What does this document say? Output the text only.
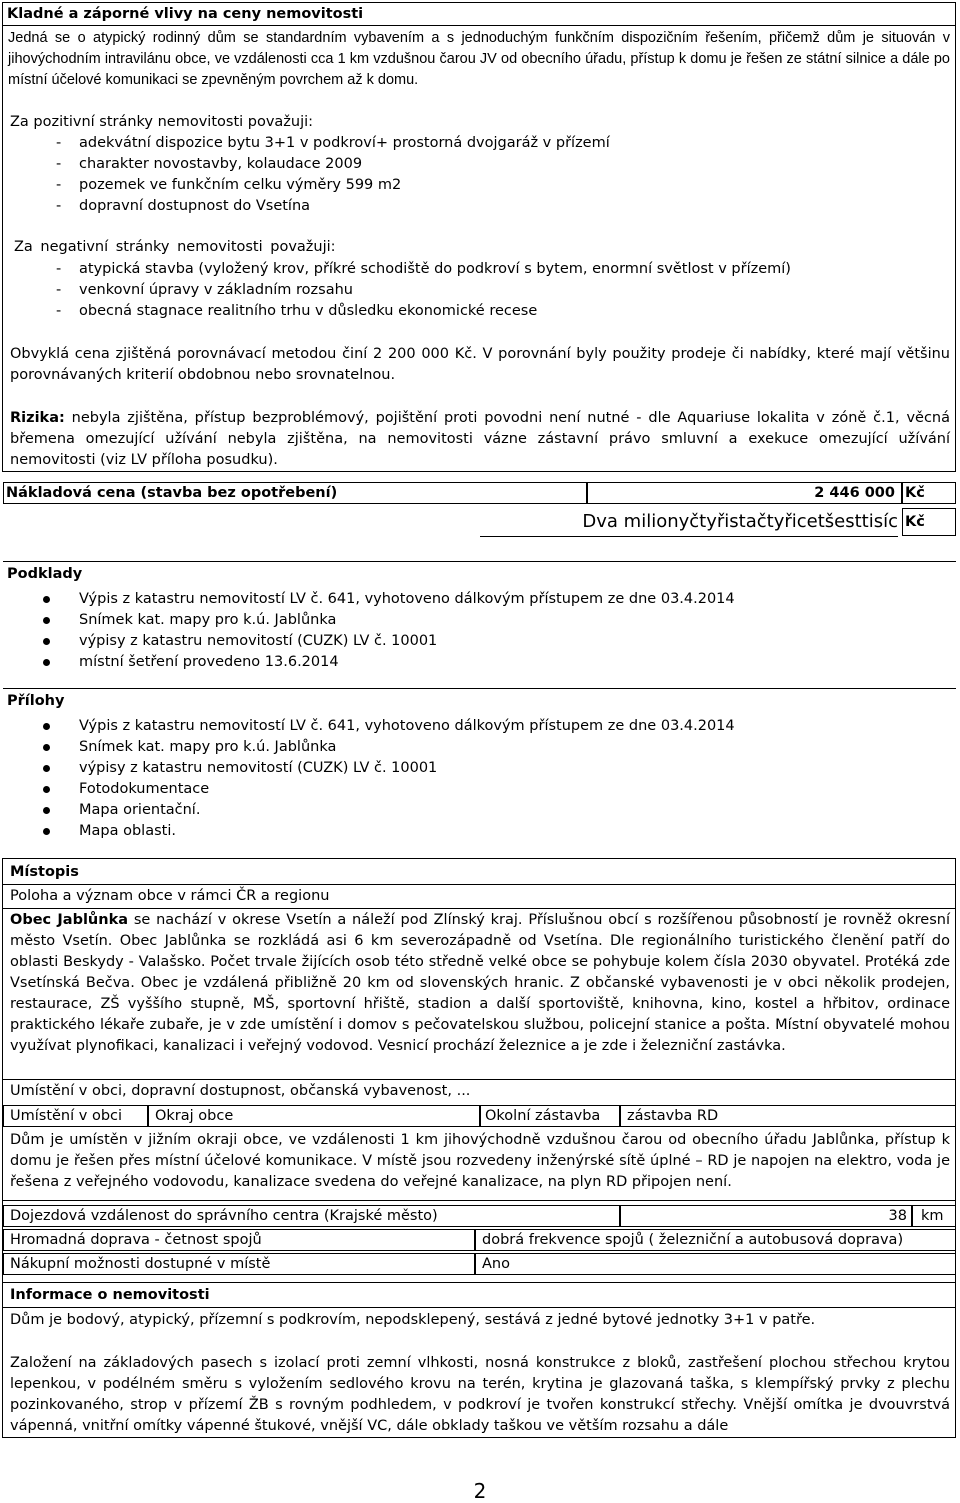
Kladné a záporné vlivy na ceny nemovitosti
Jedná se o atypický rodinný dům se standardním vybavením a s jednoduchým funkčním dispozičním řešením, přičemž dům je situován v jihovýchodním intravilánu obce, ve vzdálenosti cca 1 km vzdušnou čarou JV od obecního úřadu, přístup k domu je řešen ze státní silnice a dále po místní účelové komunikaci se zpevněným povrchem až k domu.
Za pozitivní stránky nemovitosti považuji:
- adekvátní dispozice bytu 3+1 v podkroví+ prostorná dvojgaráž v přízemí
- charakter novostavby, kolaudace 2009
- pozemek ve funkčním celku výměry 599 m2
- dopravní dostupnost do Vsetína
Za negativní stránky nemovitosti považuji:
- atypická stavba (vyložený krov, příkré schodiště do podkroví s bytem, enormní světlost v přízemí)
- venkovní úpravy v základním rozsahu
- obecná stagnace realitního trhu v důsledku ekonomické recese
Obvyklá cena zjištěná porovnávací metodou činí 2 200 000 Kč. V porovnání byly použity prodeje či nabídky, které mají většinu porovnávaných kriterií obdobnou nebo srovnatelnou.
Rizika: nebyla zjištěna, přístup bezproblémový, pojištění proti povodni není nutné - dle Aquariuse lokalita v zóně č.1, věcná břemena omezující užívání nebyla zjištěna, na nemovitosti vázne zástavní právo smluvní a exekuce omezující užívání nemovitosti (viz LV příloha posudku).
Nákladová cena (stavba bez opotřebení)	2 446 000 Kč
Dva milionyčtyřistačtyřicetšesttisíc Kč
Podklady
Výpis z katastru nemovitostí LV č. 641, vyhotoveno dálkovým přístupem ze dne 03.4.2014
Snímek kat. mapy pro k.ú. Jablůnka
výpisy z katastru nemovitostí (CUZK) LV č. 10001
místní šetření provedeno 13.6.2014
Přílohy
Výpis z katastru nemovitostí LV č. 641, vyhotoveno dálkovým přístupem ze dne 03.4.2014
Snímek kat. mapy pro k.ú. Jablůnka
výpisy z katastru nemovitostí (CUZK) LV č. 10001
Fotodokumentace
Mapa orientační.
Mapa oblasti.
Místopis
Poloha a význam obce v rámci ČR a regionu
Obec Jablůnka se nachází v okrese Vsetín a náleží pod Zlínský kraj. Příslušnou obcí s rozšířenou působností je rovněž okresní město Vsetín. Obec Jablůnka se rozkládá asi 6 km severozápadně od Vsetína. Dle regionálního turistického členění patří do oblasti Beskydy - Valašsko. Počet trvale žijících osob této středně velké obce se pohybuje kolem čísla 2030 obyvatel. Protéká zde Vsetínská Bečva. Obec je vzdálená přibližně 20 km od slovenských hranic. Z občanské vybavenosti je v obci několik prodejen, restaurace, ZŠ vyššího stupně, MŠ, sportovní hřiště, stadion a další sportoviště, knihovna, kino, kostel a hřbitov, ordinace praktického lékaře zubaře, je v zde umístění i domov s pečovatelskou službou, policejní stanice a pošta. Místní obyvatelé mohou využívat plynofikaci, kanalizaci i veřejný vodovod. Vesnicí prochází železnice a je zde i železniční zastávka.
Umístění v obci, dopravní dostupnost, občanská vybavenost, ...
Umístění v obci	Okraj obce	Okolní zástavba	zástavba RD
Dům je umístěn v jižním okraji obce, ve vzdálenosti 1 km jihovýchodně vzdušnou čarou od obecního úřadu Jablůnka, přístup k domu je řešen přes místní účelové komunikace. V místě jsou rozvedeny inženýrské sítě úplné – RD je napojen na elektro, voda je řešena z veřejného vodovodu, kanalizace svedena do veřejné kanalizace, na plyn RD připojen není.
Dojezdová vzdálenost do správního centra (Krajské město)	38 km
Hromadná doprava - četnost spojů	dobrá frekvence spojů ( železniční a autobusová doprava)
Nákupní možnosti dostupné v místě	Ano
Informace o nemovitosti
Dům je bodový, atypický, přízemní s podkrovím, nepodsklepený, sestává z jedné bytové jednotky 3+1 v patře.
Založení na základových pasech s izolací proti zemní vlhkosti, nosná konstrukce z bloků, zastřešení plochou střechou krytou lepenkou, v podélném směru s vyložením sedlového krovu na terén, krytina je glazovaná taška, s klempířský prvky z plechu pozinkovaného, strop v přízemí ŽB s rovným podhledem, v podkroví je tvořen konstrukcí střechy. Vnější omítka je dvouvrstvá vápenná, vnitřní omítky vápenné štukové, vnější VC, dále obklady taškou ve větším rozsahu a dále
2
